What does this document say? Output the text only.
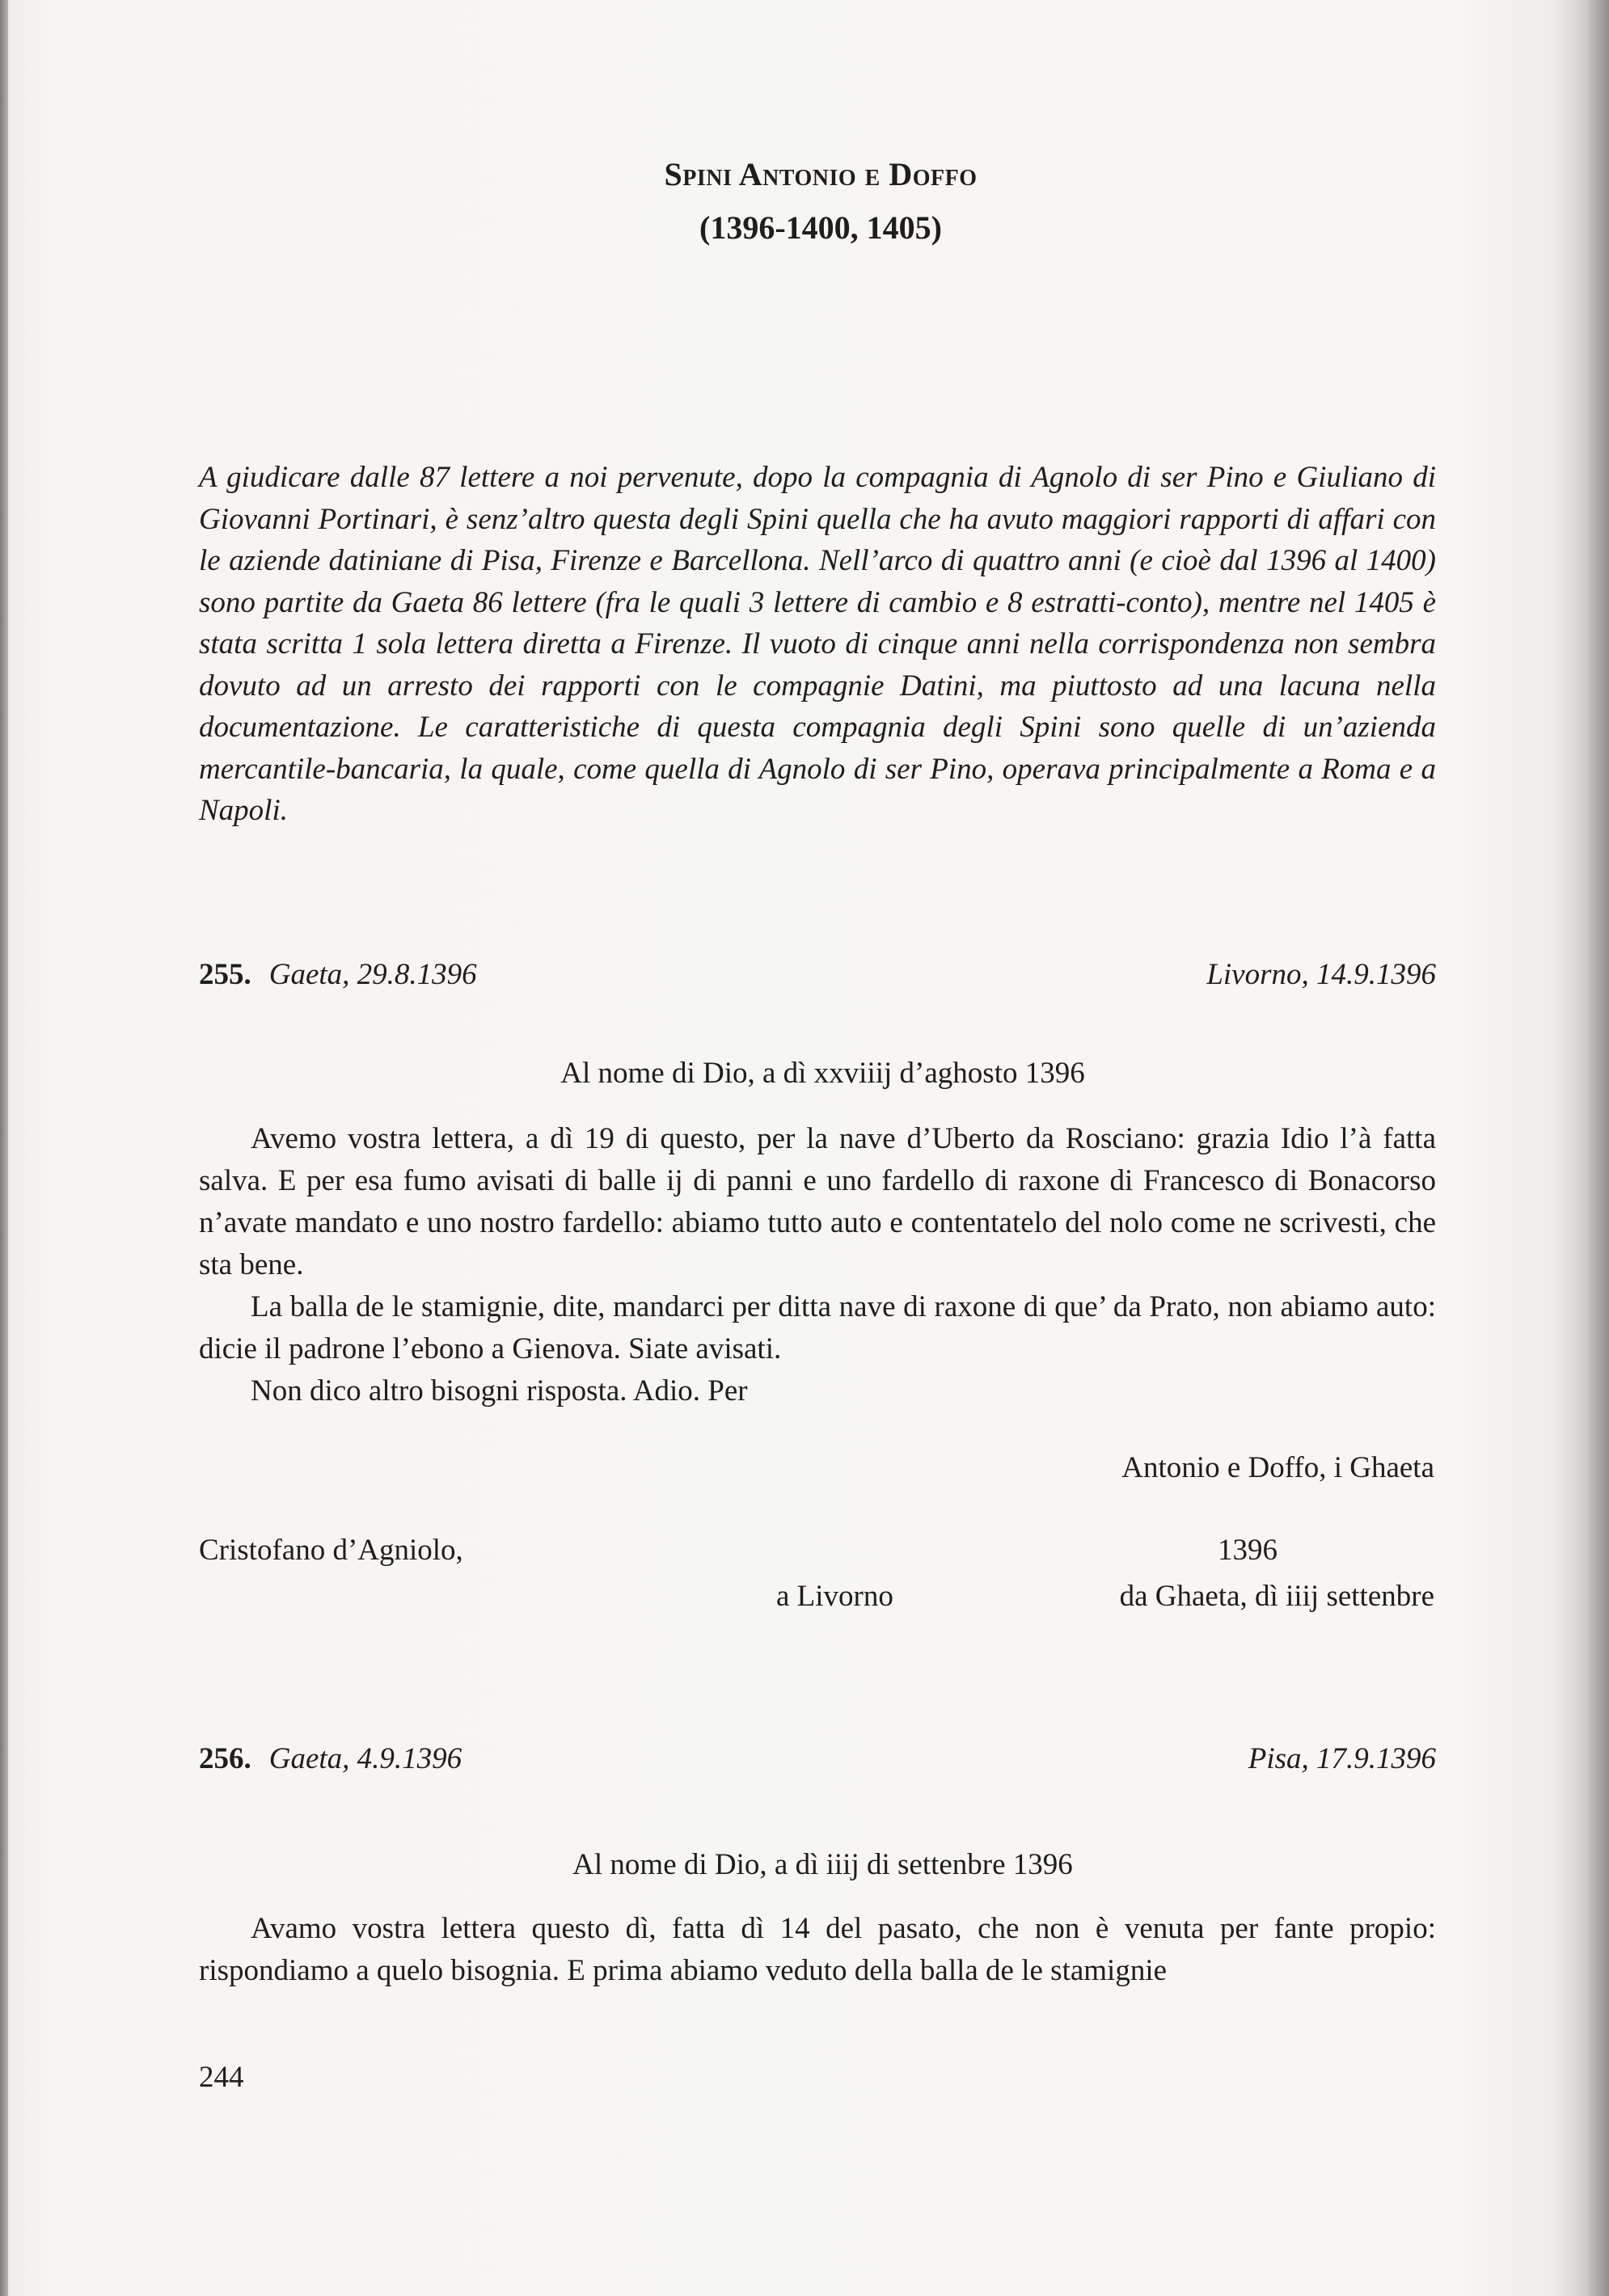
Spini Antonio e Doffo
(1396-1400, 1405)
A giudicare dalle 87 lettere a noi pervenute, dopo la compagnia di Agnolo di ser Pino e Giuliano di Giovanni Portinari, è senz’altro questa degli Spini quella che ha avuto maggiori rapporti di affari con le aziende datiniane di Pisa, Firenze e Barcellona. Nell’arco di quattro anni (e cioè dal 1396 al 1400) sono partite da Gaeta 86 lettere (fra le quali 3 lettere di cambio e 8 estratti-conto), mentre nel 1405 è stata scritta 1 sola lettera diretta a Firenze. Il vuoto di cinque anni nella corrispondenza non sembra dovuto ad un arresto dei rapporti con le compagnie Datini, ma piuttosto ad una lacuna nella documentazione. Le caratteristiche di questa compagnia degli Spini sono quelle di un’azienda mercantile-bancaria, la quale, come quella di Agnolo di ser Pino, operava principalmente a Roma e a Napoli.
255. Gaeta, 29.8.1396	Livorno, 14.9.1396
Al nome di Dio, a dì xxviiij d’aghosto 1396
Avemo vostra lettera, a dì 19 di questo, per la nave d’Uberto da Rosciano: grazia Idio l’à fatta salva. E per esa fumo avisati di balle ij di panni e uno fardello di raxone di Francesco di Bonacorso n’avate mandato e uno nostro fardello: abiamo tutto auto e contentatelo del nolo come ne scrivesti, che sta bene.
La balla de le stamignie, dite, mandarci per ditta nave di raxone di que’ da Prato, non abiamo auto: dicie il padrone l’ebono a Gienova. Siate avisati.
Non dico altro bisogni risposta. Adio. Per
Antonio e Doffo, i Ghaeta
Cristofano d’Agniolo,
a Livorno
1396
da Ghaeta, dì iiij settenbre
256. Gaeta, 4.9.1396	Pisa, 17.9.1396
Al nome di Dio, a dì iiij di settenbre 1396
Avamo vostra lettera questo dì, fatta dì 14 del pasato, che non è venuta per fante propio: rispondiamo a quelo bisognia. E prima abiamo veduto della balla de le stamignie
244
